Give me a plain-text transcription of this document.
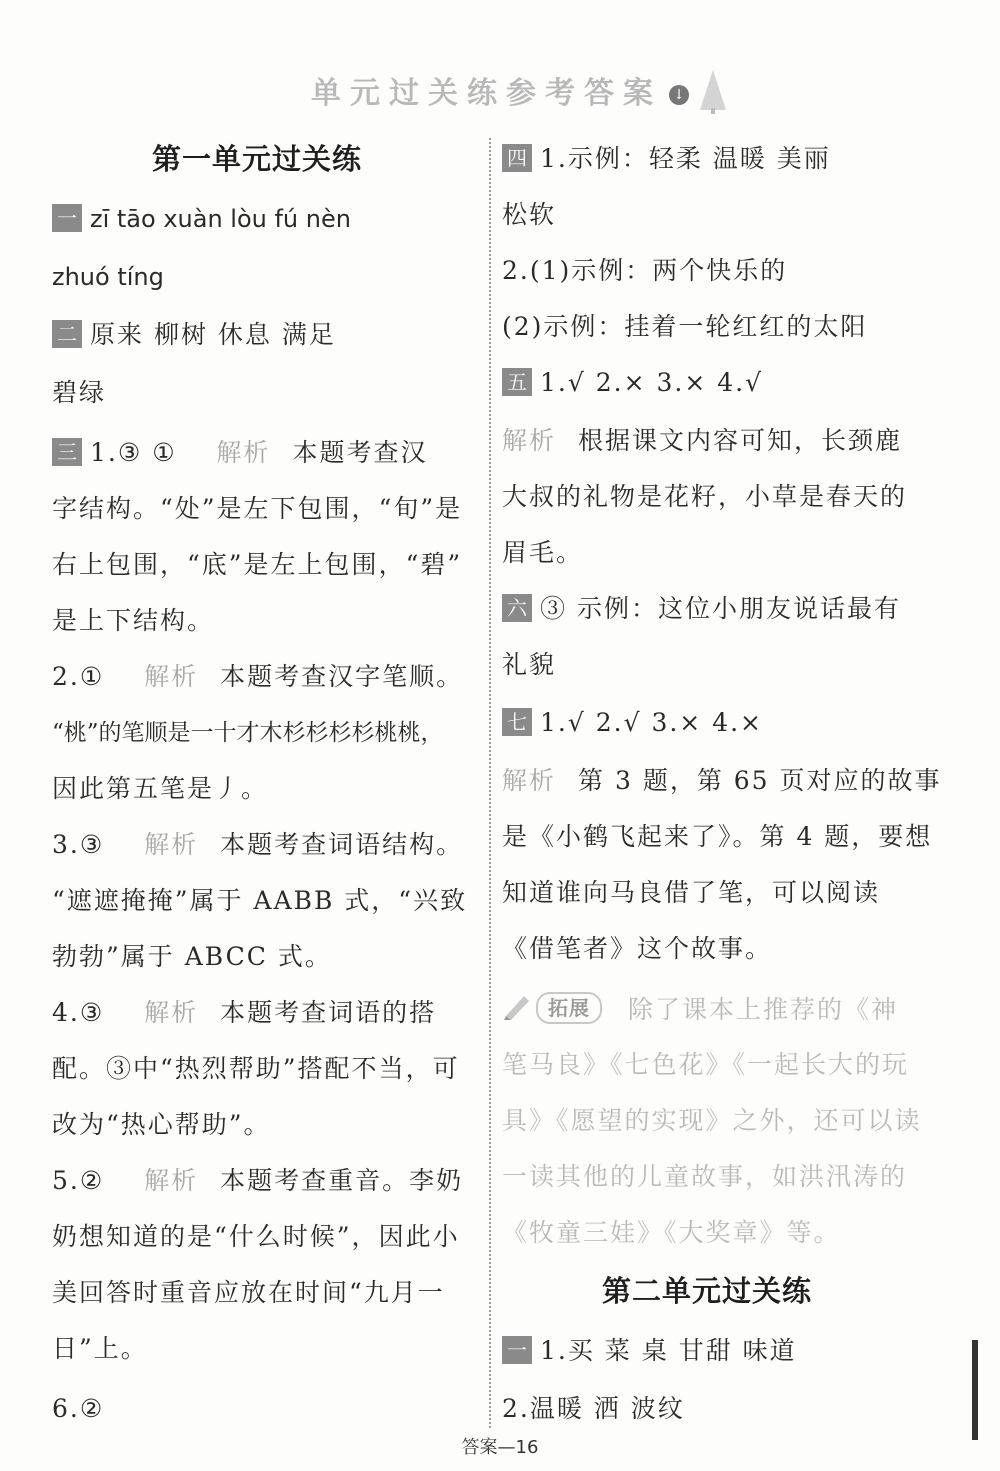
单元过关练参考答案 ↓
第一单元过关练
一 zī tāo xuàn lòu fú nèn
zhuó tíng
二 原来 柳树 休息 满足
碧绿
三 1.③ ① 解析 本题考查汉
字结构。“处”是左下包围，“旬”是
右上包围，“底”是左上包围，“碧”
是上下结构。
2.① 解析 本题考查汉字笔顺。
“桃”的笔顺是一十才木杉杉杉杉桃桃，
因此第五笔是丿。
3.③ 解析 本题考查词语结构。
“遮遮掩掩”属于 AABB 式，“兴致
勃勃”属于 ABCC 式。
4.③ 解析 本题考查词语的搭
配。③中“热烈帮助”搭配不当，可
改为“热心帮助”。
5.② 解析 本题考查重音。李奶
奶想知道的是“什么时候”，因此小
美回答时重音应放在时间“九月一
日”上。
6.②
四 1.示例：轻柔 温暖 美丽
松软
2.(1)示例：两个快乐的
(2)示例：挂着一轮红红的太阳
五 1.√ 2.× 3.× 4.√
解析 根据课文内容可知，长颈鹿
大叔的礼物是花籽，小草是春天的
眉毛。
六 ③ 示例：这位小朋友说话最有
礼貌
七 1.√ 2.√ 3.× 4.×
解析 第 3 题，第 65 页对应的故事
是《小鹤飞起来了》。第 4 题，要想
知道谁向马良借了笔，可以阅读
《借笔者》这个故事。
拓展 除了课本上推荐的《神
笔马良》《七色花》《一起长大的玩
具》《愿望的实现》之外，还可以读
一读其他的儿童故事，如洪汛涛的
《牧童三娃》《大奖章》等。
第二单元过关练
一 1.买 菜 桌 甘甜 味道
2.温暖 洒 波纹
答案—16
